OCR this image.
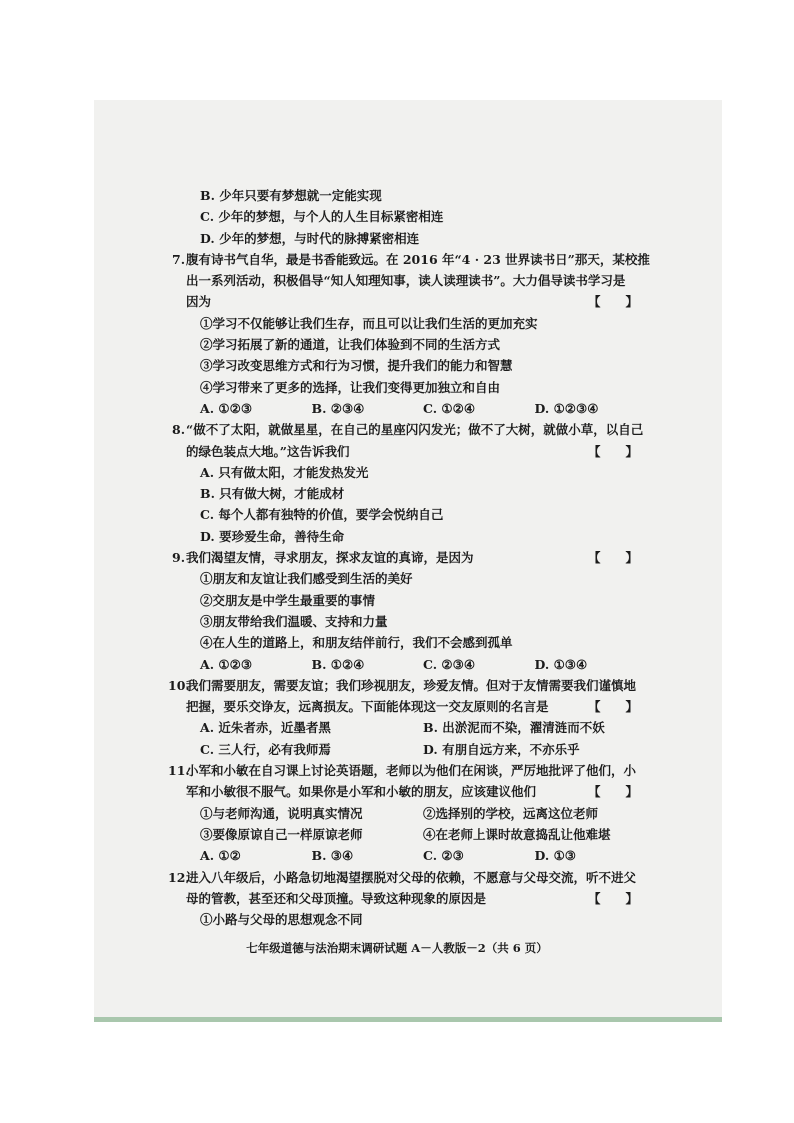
B. 少年只要有梦想就一定能实现
C. 少年的梦想，与个人的人生目标紧密相连
D. 少年的梦想，与时代的脉搏紧密相连
7. 腹有诗书气自华，最是书香能致远。在 2016 年“4 · 23 世界读书日”那天，某校推
出一系列活动，积极倡导“知人知理知事，读人读理读书”。大力倡导读书学习是
因为	【　　】
①学习不仅能够让我们生存，而且可以让我们生活的更加充实
②学习拓展了新的通道，让我们体验到不同的生活方式
③学习改变思维方式和行为习惯，提升我们的能力和智慧
④学习带来了更多的选择，让我们变得更加独立和自由
A. ①②③	B. ②③④	C. ①②④	D. ①②③④
8. “做不了太阳，就做星星，在自己的星座闪闪发光；做不了大树，就做小草，以自己
的绿色装点大地。”这告诉我们	【　　】
A. 只有做太阳，才能发热发光
B. 只有做大树，才能成材
C. 每个人都有独特的价值，要学会悦纳自己
D. 要珍爱生命，善待生命
9. 我们渴望友情，寻求朋友，探求友谊的真谛，是因为	【　　】
①朋友和友谊让我们感受到生活的美好
②交朋友是中学生最重要的事情
③朋友带给我们温暖、支持和力量
④在人生的道路上，和朋友结伴前行，我们不会感到孤单
A. ①②③	B. ①②④	C. ②③④	D. ①③④
10.
我们需要朋友，需要友谊；我们珍视朋友，珍爱友情。但对于友情需要我们谨慎地
把握，要乐交诤友，远离损友。下面能体现这一交友原则的名言是	【　　】
A. 近朱者赤，近墨者黑	B. 出淤泥而不染，濯清涟而不妖
C. 三人行，必有我师焉	D. 有朋自远方来，不亦乐乎
11.
小军和小敏在自习课上讨论英语题，老师以为他们在闲谈，严厉地批评了他们，小
军和小敏很不服气。如果你是小军和小敏的朋友，应该建议他们	【　　】
①与老师沟通，说明真实情况	②选择别的学校，远离这位老师
③要像原谅自己一样原谅老师	④在老师上课时故意捣乱让他难堪
A. ①②	B. ③④	C. ②③	D. ①③
12.
进入八年级后，小路急切地渴望摆脱对父母的依赖，不愿意与父母交流，听不进父
母的管教，甚至还和父母顶撞。导致这种现象的原因是	【　　】
①小路与父母的思想观念不同
七年级道德与法治期末调研试题 A－人教版－2（共 6 页）
